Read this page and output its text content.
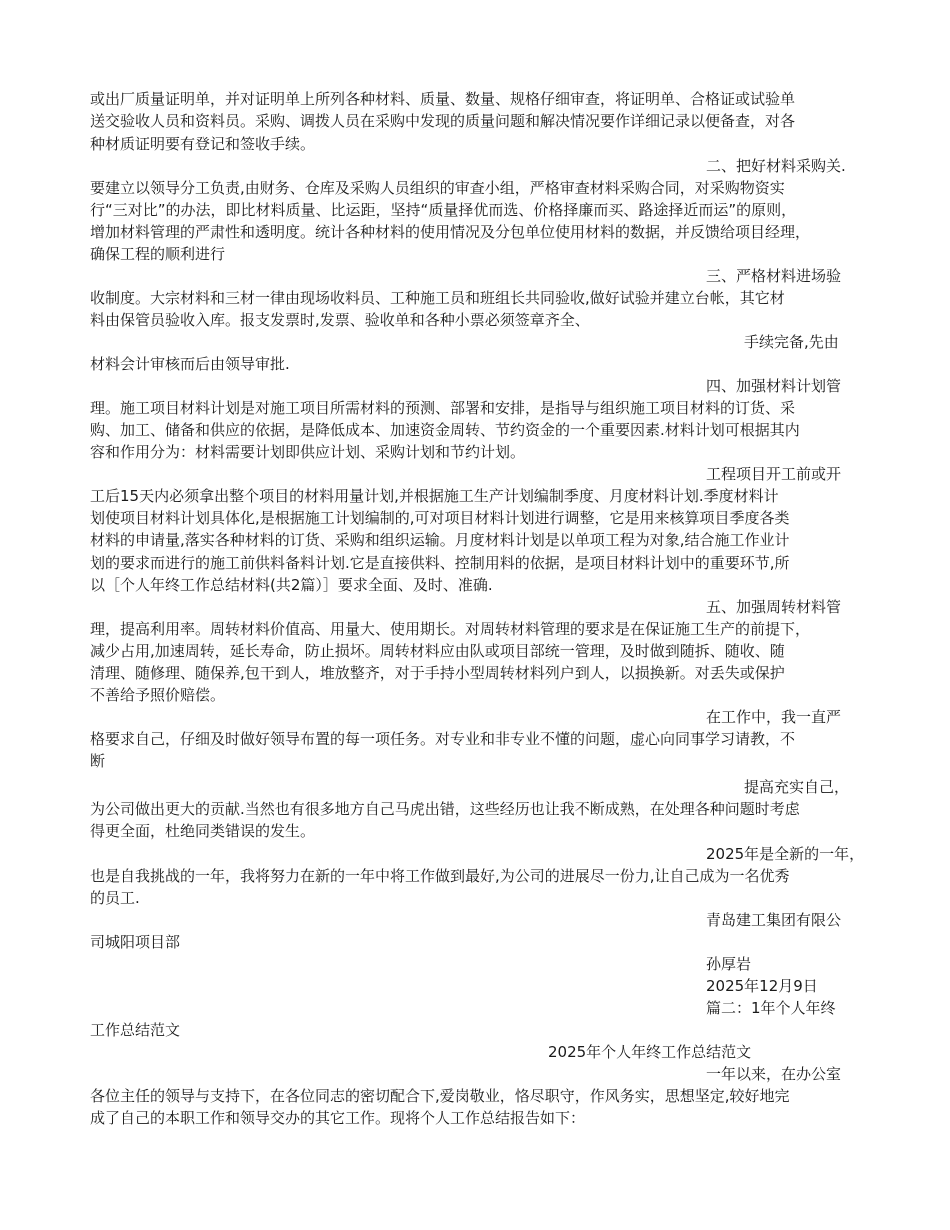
或出厂质量证明单，并对证明单上所列各种材料、质量、数量、规格仔细审查，将证明单、合格证或试验单
送交验收人员和资料员。采购、调拨人员在采购中发现的质量问题和解决情况要作详细记录以便备查，对各
种材质证明要有登记和签收手续。
二、把好材料采购关.
要建立以领导分工负责,由财务、仓库及采购人员组织的审查小组，严格审查材料采购合同，对采购物资实
行“三对比”的办法，即比材料质量、比运距，坚持“质量择优而选、价格择廉而买、路途择近而运”的原则，
增加材料管理的严肃性和透明度。统计各种材料的使用情况及分包单位使用材料的数据，并反馈给项目经理，
确保工程的顺利进行
三、严格材料进场验
收制度。大宗材料和三材一律由现场收料员、工种施工员和班组长共同验收,做好试验并建立台帐，其它材
料由保管员验收入库。报支发票时,发票、验收单和各种小票必须签章齐全、
手续完备,先由
材料会计审核而后由领导审批.
四、加强材料计划管
理。施工项目材料计划是对施工项目所需材料的预测、部署和安排，是指导与组织施工项目材料的订货、采
购、加工、储备和供应的依据，是降低成本、加速资金周转、节约资金的一个重要因素.材料计划可根据其内
容和作用分为：材料需要计划即供应计划、采购计划和节约计划。
工程项目开工前或开
工后15天内必须拿出整个项目的材料用量计划,并根据施工生产计划编制季度、月度材料计划.季度材料计
划使项目材料计划具体化,是根据施工计划编制的,可对项目材料计划进行调整，它是用来核算项目季度各类
材料的申请量,落实各种材料的订货、采购和组织运输。月度材料计划是以单项工程为对象,结合施工作业计
划的要求而进行的施工前供料备料计划.它是直接供料、控制用料的依据，是项目材料计划中的重要环节,所
以［个人年终工作总结材料(共2篇）］要求全面、及时、准确.
五、加强周转材料管
理，提高利用率。周转材料价值高、用量大、使用期长。对周转材料管理的要求是在保证施工生产的前提下，
减少占用,加速周转，延长寿命，防止损坏。周转材料应由队或项目部统一管理，及时做到随拆、随收、随
清理、随修理、随保养,包干到人，堆放整齐，对于手持小型周转材料列户到人，以损换新。对丢失或保护
不善给予照价赔偿。
在工作中，我一直严
格要求自己，仔细及时做好领导布置的每一项任务。对专业和非专业不懂的问题，虚心向同事学习请教，不
断
提高充实自己，
为公司做出更大的贡献.当然也有很多地方自己马虎出错，这些经历也让我不断成熟，在处理各种问题时考虑
得更全面，杜绝同类错误的发生。
2025年是全新的一年，
也是自我挑战的一年，我将努力在新的一年中将工作做到最好,为公司的进展尽一份力,让自己成为一名优秀
的员工.
青岛建工集团有限公
司城阳项目部
孙厚岩
2025年12月9日
篇二：1年个人年终
工作总结范文
2025年个人年终工作总结范文
一年以来，在办公室
各位主任的领导与支持下，在各位同志的密切配合下,爱岗敬业，恪尽职守，作风务实，思想坚定,较好地完
成了自己的本职工作和领导交办的其它工作。现将个人工作总结报告如下：
